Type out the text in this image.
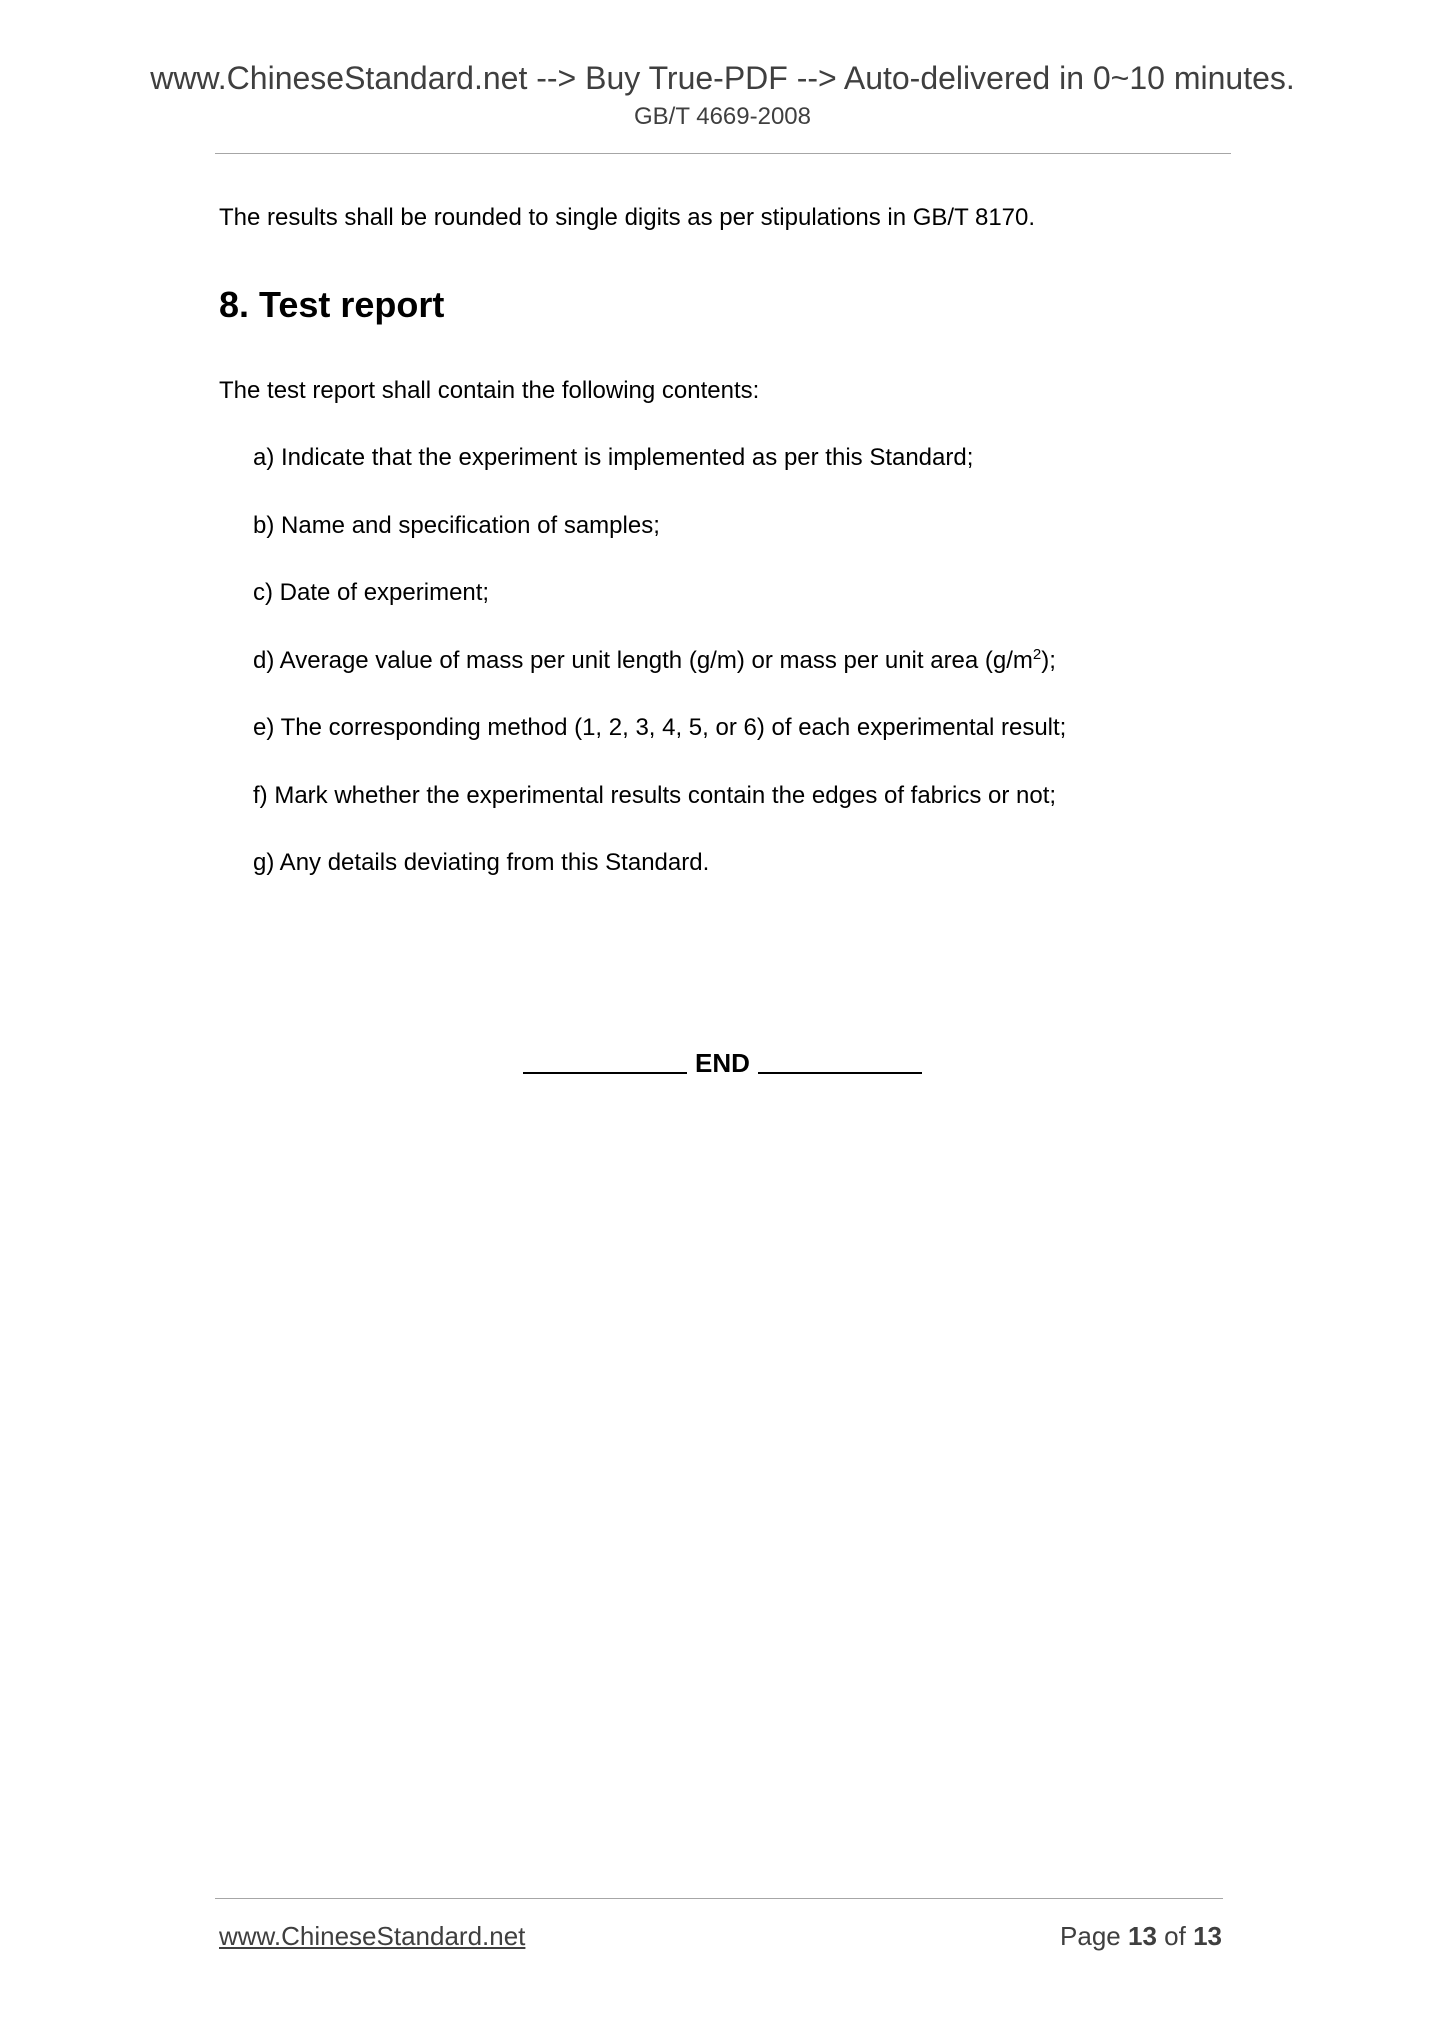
www.ChineseStandard.net --> Buy True-PDF --> Auto-delivered in 0~10 minutes.
GB/T 4669-2008

The results shall be rounded to single digits as per stipulations in GB/T 8170.

8. Test report

The test report shall contain the following contents:

a) Indicate that the experiment is implemented as per this Standard;
b) Name and specification of samples;
c) Date of experiment;
d) Average value of mass per unit length (g/m) or mass per unit area $(g/m^2)$;
e) The corresponding method (1, 2, 3, 4, 5, or 6) of each experimental result;
f) Mark whether the experimental results contain the edges of fabrics or not;
g) Any details deviating from this Standard.
END
www.ChineseStandard.net	Page 13 of 13
